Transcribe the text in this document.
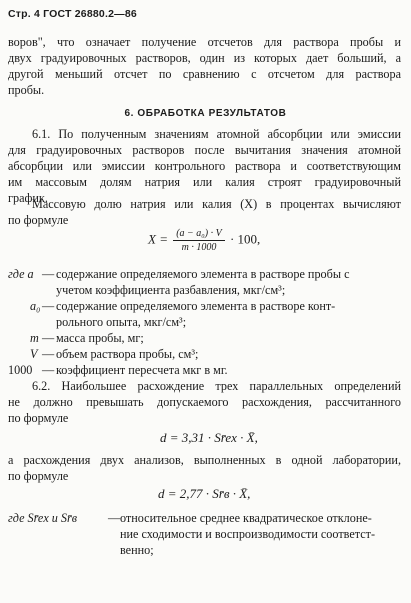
Стр. 4 ГОСТ 26880.2—86
воров", что означает получение отсчетов для раствора пробы и
двух градуировочных растворов, один из которых дает больший, а
другой меньший отсчет по сравнению с отсчетом для раствора
пробы.
6. ОБРАБОТКА РЕЗУЛЬТАТОВ
6.1. По полученным значениям атомной абсорбции или эмиссии
для градуировочных растворов после вычитания значения атомной
абсорбции или эмиссии контрольного раствора и соответствующим
им массовым долям натрия или калия строят градуировочный
график.
Массовую долю натрия или калия (X) в процентах вычисляют
по формуле
$X = \frac{\text{(a − a₀) · V}}{m \cdot 1000} \cdot 100$,
где a — содержание определяемого элемента в растворе пробы с
учетом коэффициента разбавления, мкг/см³;
a₀ — содержание определяемого элемента в растворе конт-
рольного опыта, мкг/см³;
m — масса пробы, мг;
V — объем раствора пробы, см³;
1000 — коэффициент пересчета мкг в мг.
6.2. Наибольшее расхождение трех параллельных определений
не должно превышать допускаемого расхождения, рассчитанного
по формуле
d = 3,31 · Sr̄ex · X̄,
а расхождения двух анализов, выполненных в одной лаборатории,
по формуле
d = 2,77 · Sr̄в · X̄,
где Sr̄ex и Sr̄в	— относительное среднее квадратическое отклоне-
ние сходимости и воспроизводимости соответст-
венно;
